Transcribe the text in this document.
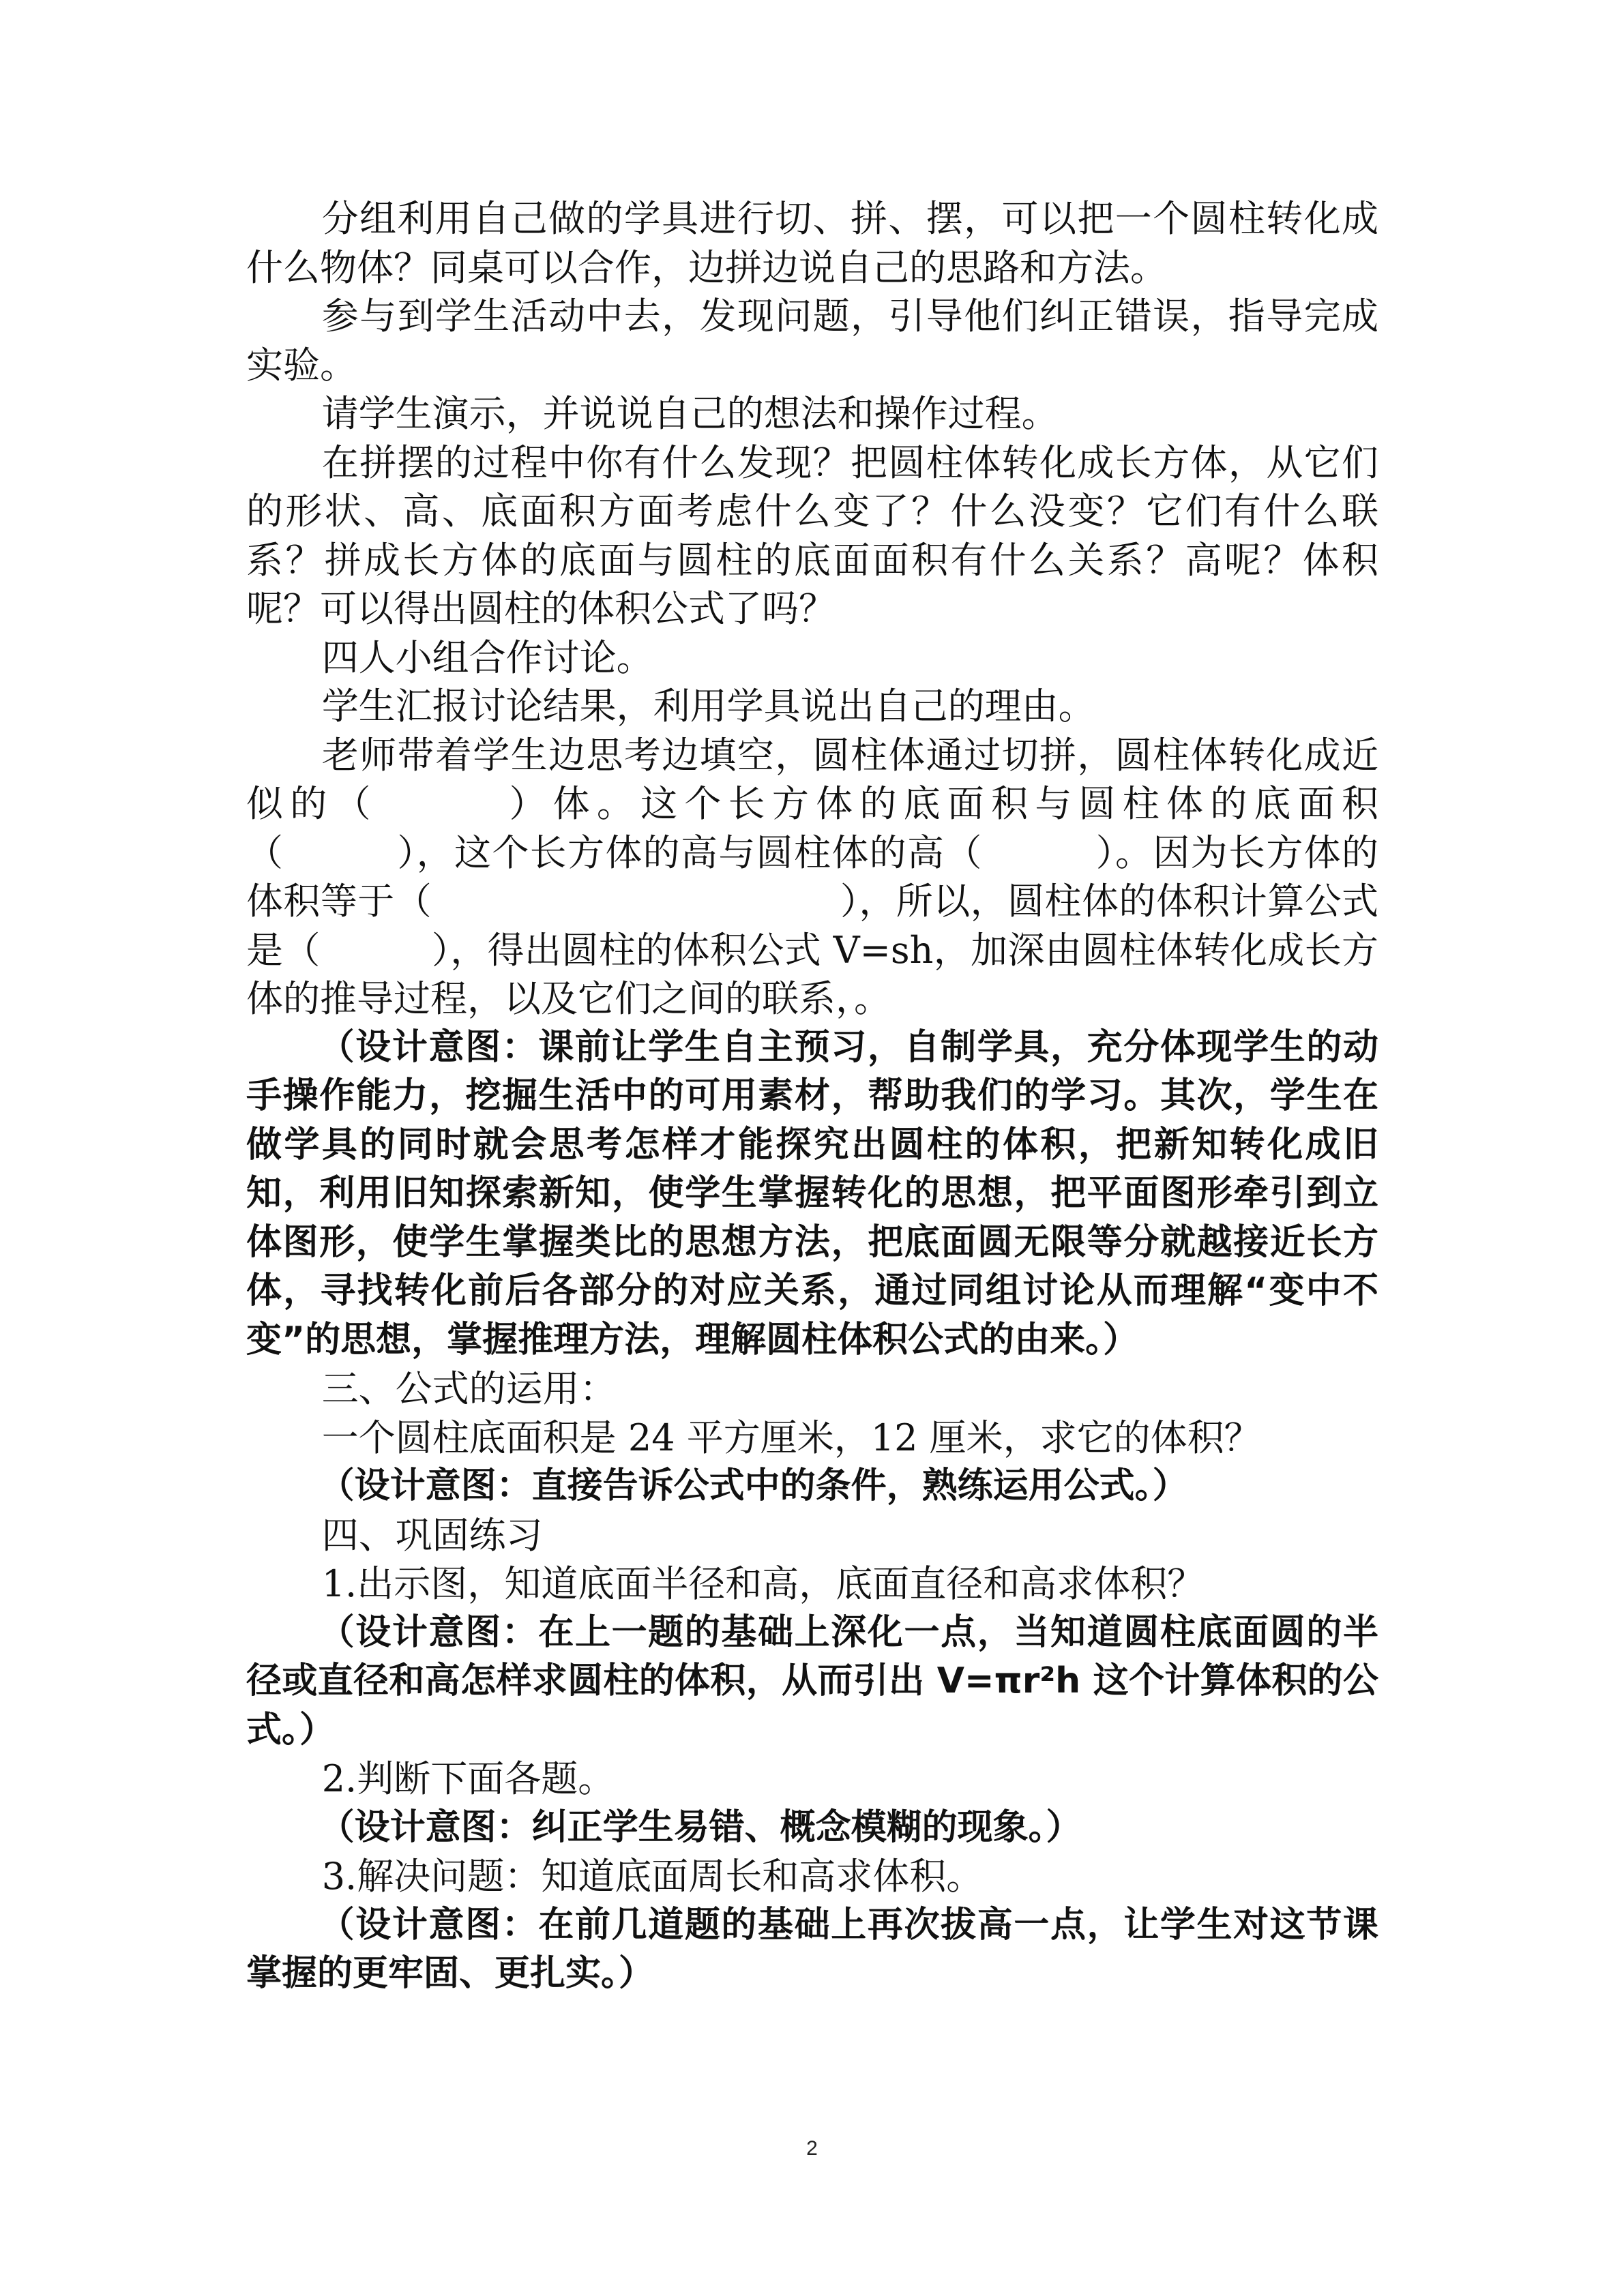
分组利用自己做的学具进行切、拼、摆，可以把一个圆柱转化成什么物体？同桌可以合作，边拼边说自己的思路和方法。

参与到学生活动中去，发现问题，引导他们纠正错误，指导完成实验。

请学生演示，并说说自己的想法和操作过程。

在拼摆的过程中你有什么发现？把圆柱体转化成长方体，从它们的形状、高、底面积方面考虑什么变了？什么没变？它们有什么联系？拼成长方体的底面与圆柱的底面面积有什么关系？高呢？体积呢？可以得出圆柱的体积公式了吗？

四人小组合作讨论。

学生汇报讨论结果，利用学具说出自己的理由。

老师带着学生边思考边填空，圆柱体通过切拼，圆柱体转化成近似的（　　　）体。这个长方体的底面积与圆柱体的底面积（　　　），这个长方体的高与圆柱体的高（　　　）。因为长方体的体积等于（　　　　　　　　　　　），所以，圆柱体的体积计算公式是（　　　），得出圆柱的体积公式 V=sh，加深由圆柱体转化成长方体的推导过程，以及它们之间的联系，。

（设计意图：课前让学生自主预习，自制学具，充分体现学生的动手操作能力，挖掘生活中的可用素材，帮助我们的学习。其次，学生在做学具的同时就会思考怎样才能探究出圆柱的体积，把新知转化成旧知，利用旧知探索新知，使学生掌握转化的思想，把平面图形牵引到立体图形，使学生掌握类比的思想方法，把底面圆无限等分就越接近长方体，寻找转化前后各部分的对应关系，通过同组讨论从而理解“变中不变”的思想，掌握推理方法，理解圆柱体积公式的由来。）

三、公式的运用：

一个圆柱底面积是 24 平方厘米，12 厘米，求它的体积？

（设计意图：直接告诉公式中的条件，熟练运用公式。）

四、巩固练习

1.出示图，知道底面半径和高，底面直径和高求体积？

（设计意图：在上一题的基础上深化一点，当知道圆柱底面圆的半径或直径和高怎样求圆柱的体积，从而引出 V=πr²h 这个计算体积的公式。）

2.判断下面各题。

（设计意图：纠正学生易错、概念模糊的现象。）

3.解决问题：知道底面周长和高求体积。

（设计意图：在前几道题的基础上再次拔高一点，让学生对这节课掌握的更牢固、更扎实。）

2
